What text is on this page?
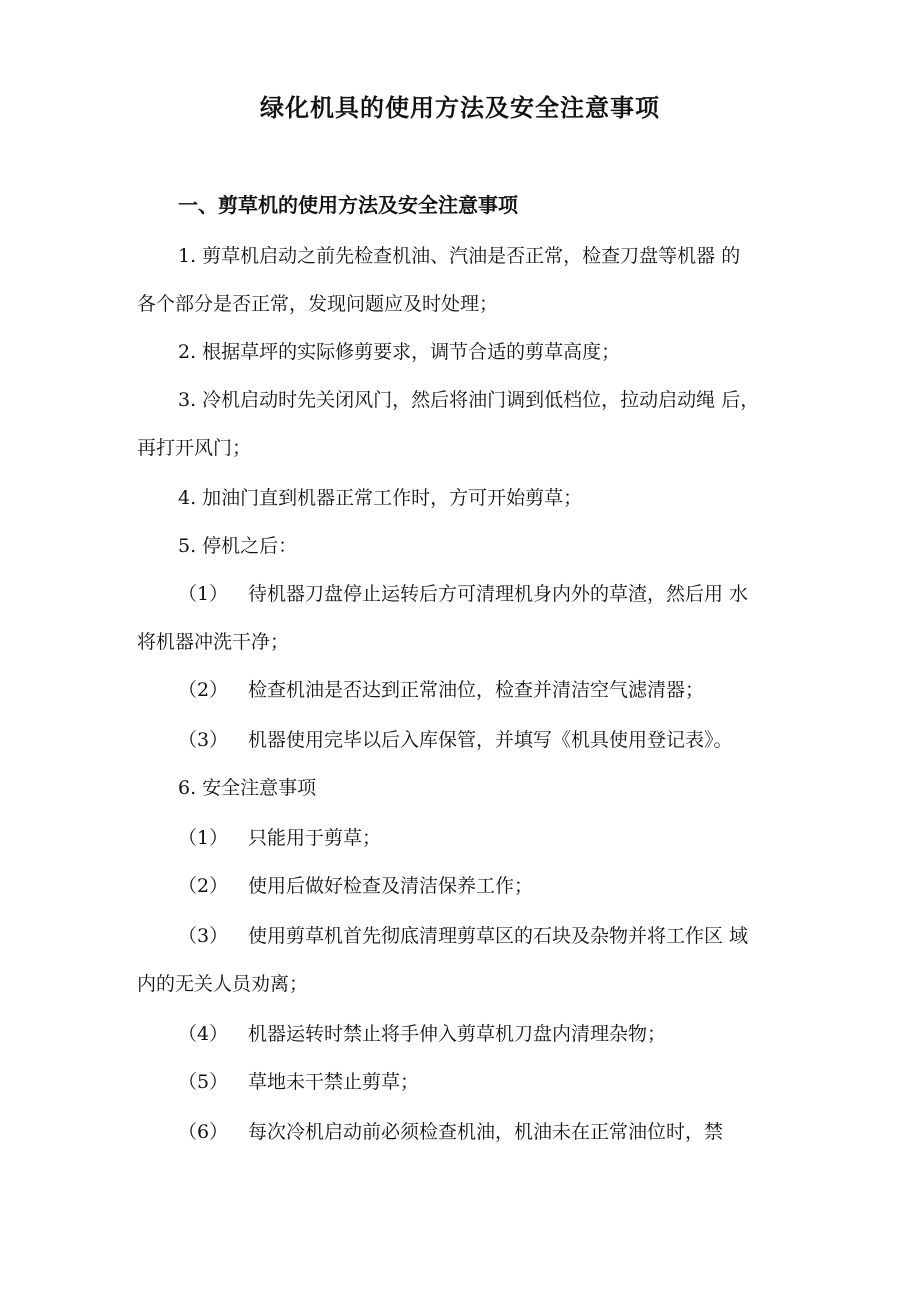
绿化机具的使用方法及安全注意事项
一、剪草机的使用方法及安全注意事项
1. 剪草机启动之前先检查机油、汽油是否正常，检查刀盘等机器 的
各个部分是否正常，发现问题应及时处理；
2. 根据草坪的实际修剪要求，调节合适的剪草高度；
3. 冷机启动时先关闭风门，然后将油门调到低档位，拉动启动绳 后，
再打开风门；
4. 加油门直到机器正常工作时，方可开始剪草；
5. 停机之后：
（1） 待机器刀盘停止运转后方可清理机身内外的草渣，然后用 水
将机器冲洗干净；
（2） 检查机油是否达到正常油位，检查并清洁空气滤清器；
（3） 机器使用完毕以后入库保管，并填写《机具使用登记表》。
6. 安全注意事项
（1） 只能用于剪草；
（2） 使用后做好检查及清洁保养工作；
（3） 使用剪草机首先彻底清理剪草区的石块及杂物并将工作区 域
内的无关人员劝离；
（4） 机器运转时禁止将手伸入剪草机刀盘内清理杂物；
（5） 草地未干禁止剪草；
（6） 每次冷机启动前必须检查机油，机油未在正常油位时，禁
